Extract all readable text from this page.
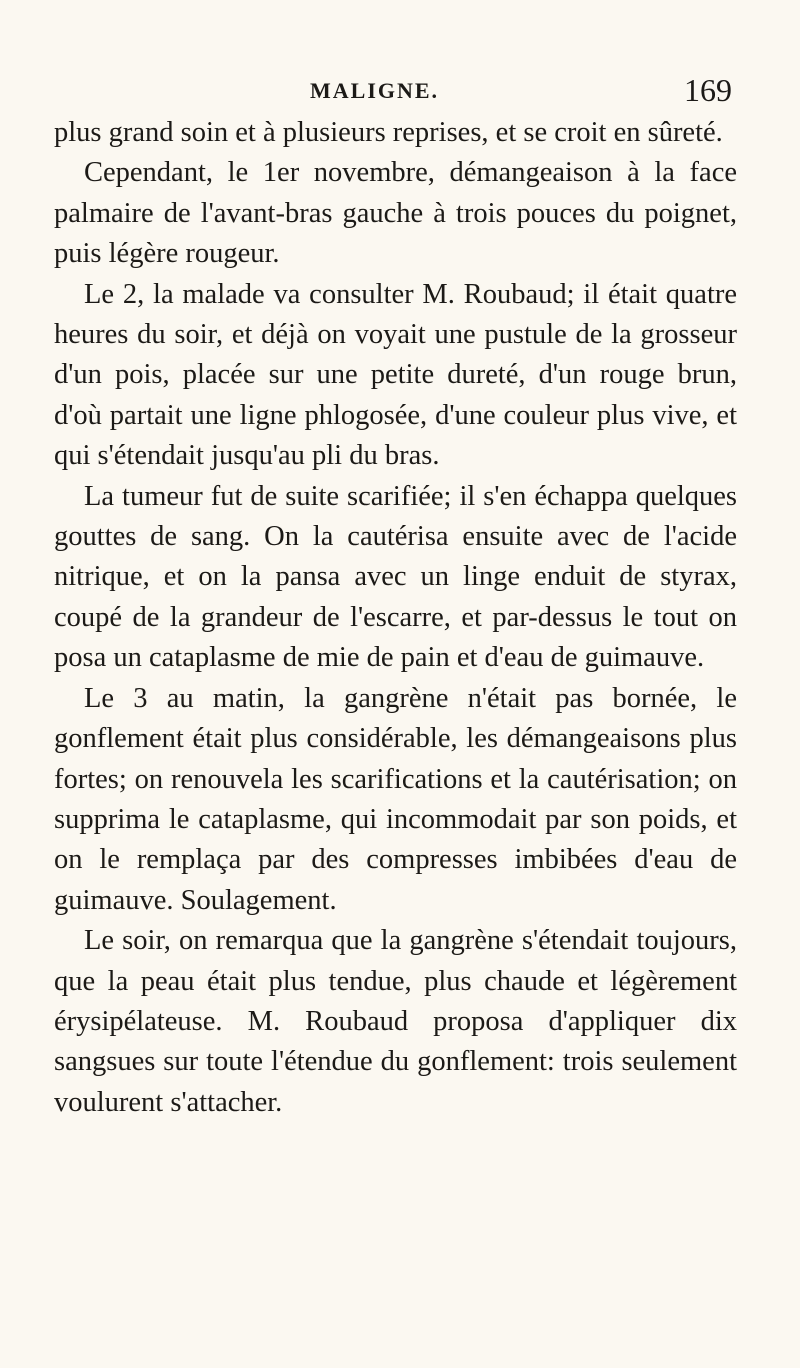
MALIGNE.	169

plus grand soin et à plusieurs reprises, et se croit en sûreté.

Cependant, le 1er novembre, démangeaison à la face palmaire de l'avant-bras gauche à trois pouces du poignet, puis légère rougeur.

Le 2, la malade va consulter M. Roubaud; il était quatre heures du soir, et déjà on voyait une pustule de la grosseur d'un pois, placée sur une petite dureté, d'un rouge brun, d'où partait une ligne phlogosée, d'une couleur plus vive, et qui s'étendait jusqu'au pli du bras.

La tumeur fut de suite scarifiée; il s'en échappa quelques gouttes de sang. On la cautérisa ensuite avec de l'acide nitrique, et on la pansa avec un linge enduit de styrax, coupé de la grandeur de l'escarre, et par-dessus le tout on posa un cataplasme de mie de pain et d'eau de guimauve.

Le 3 au matin, la gangrène n'était pas bornée, le gonflement était plus considérable, les démangeaisons plus fortes; on renouvela les scarifications et la cautérisation; on supprima le cataplasme, qui incommodait par son poids, et on le remplaça par des compresses imbibées d'eau de guimauve. Soulagement.

Le soir, on remarqua que la gangrène s'étendait toujours, que la peau était plus tendue, plus chaude et légèrement érysipélateuse. M. Roubaud proposa d'appliquer dix sangsues sur toute l'étendue du gonflement: trois seulement voulurent s'attacher.
